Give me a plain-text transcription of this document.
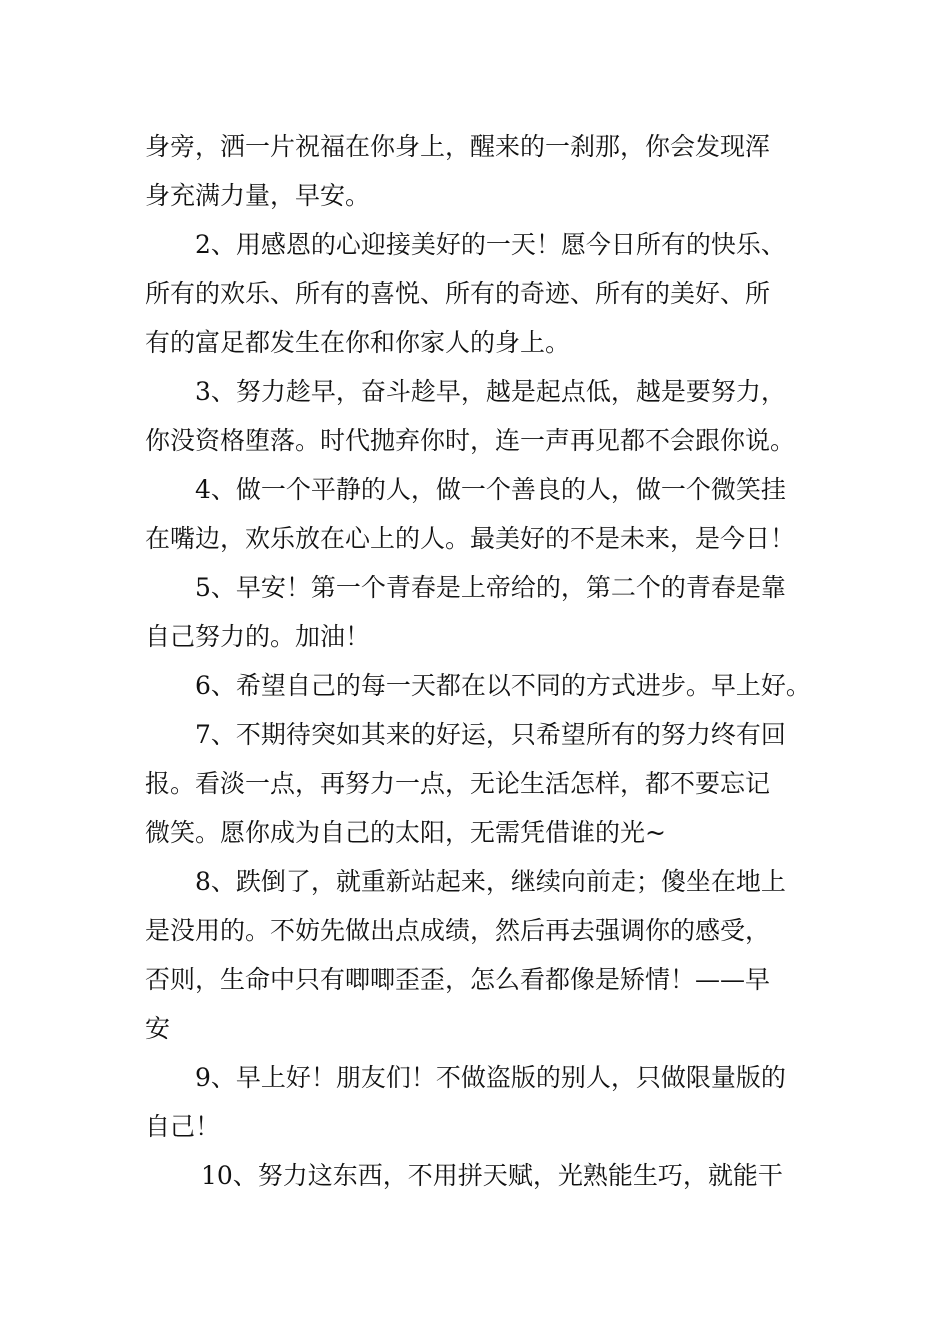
身旁，洒一片祝福在你身上，醒来的一刹那，你会发现浑
身充满力量，早安。
2、用感恩的心迎接美好的一天！愿今日所有的快乐、
所有的欢乐、所有的喜悦、所有的奇迹、所有的美好、所
有的富足都发生在你和你家人的身上。
3、努力趁早，奋斗趁早，越是起点低，越是要努力，
你没资格堕落。时代抛弃你时，连一声再见都不会跟你说。
4、做一个平静的人，做一个善良的人，做一个微笑挂
在嘴边，欢乐放在心上的人。最美好的不是未来，是今日！
5、早安！第一个青春是上帝给的，第二个的青春是靠
自己努力的。加油！
6、希望自己的每一天都在以不同的方式进步。早上好。
7、不期待突如其来的好运，只希望所有的努力终有回
报。看淡一点，再努力一点，无论生活怎样，都不要忘记
微笑。愿你成为自己的太阳，无需凭借谁的光~
8、跌倒了，就重新站起来，继续向前走；傻坐在地上
是没用的。不妨先做出点成绩，然后再去强调你的感受，
否则，生命中只有唧唧歪歪，怎么看都像是矫情！——早
安
9、早上好！朋友们！不做盗版的别人，只做限量版的
自己！
10、努力这东西，不用拼天赋，光熟能生巧，就能干
